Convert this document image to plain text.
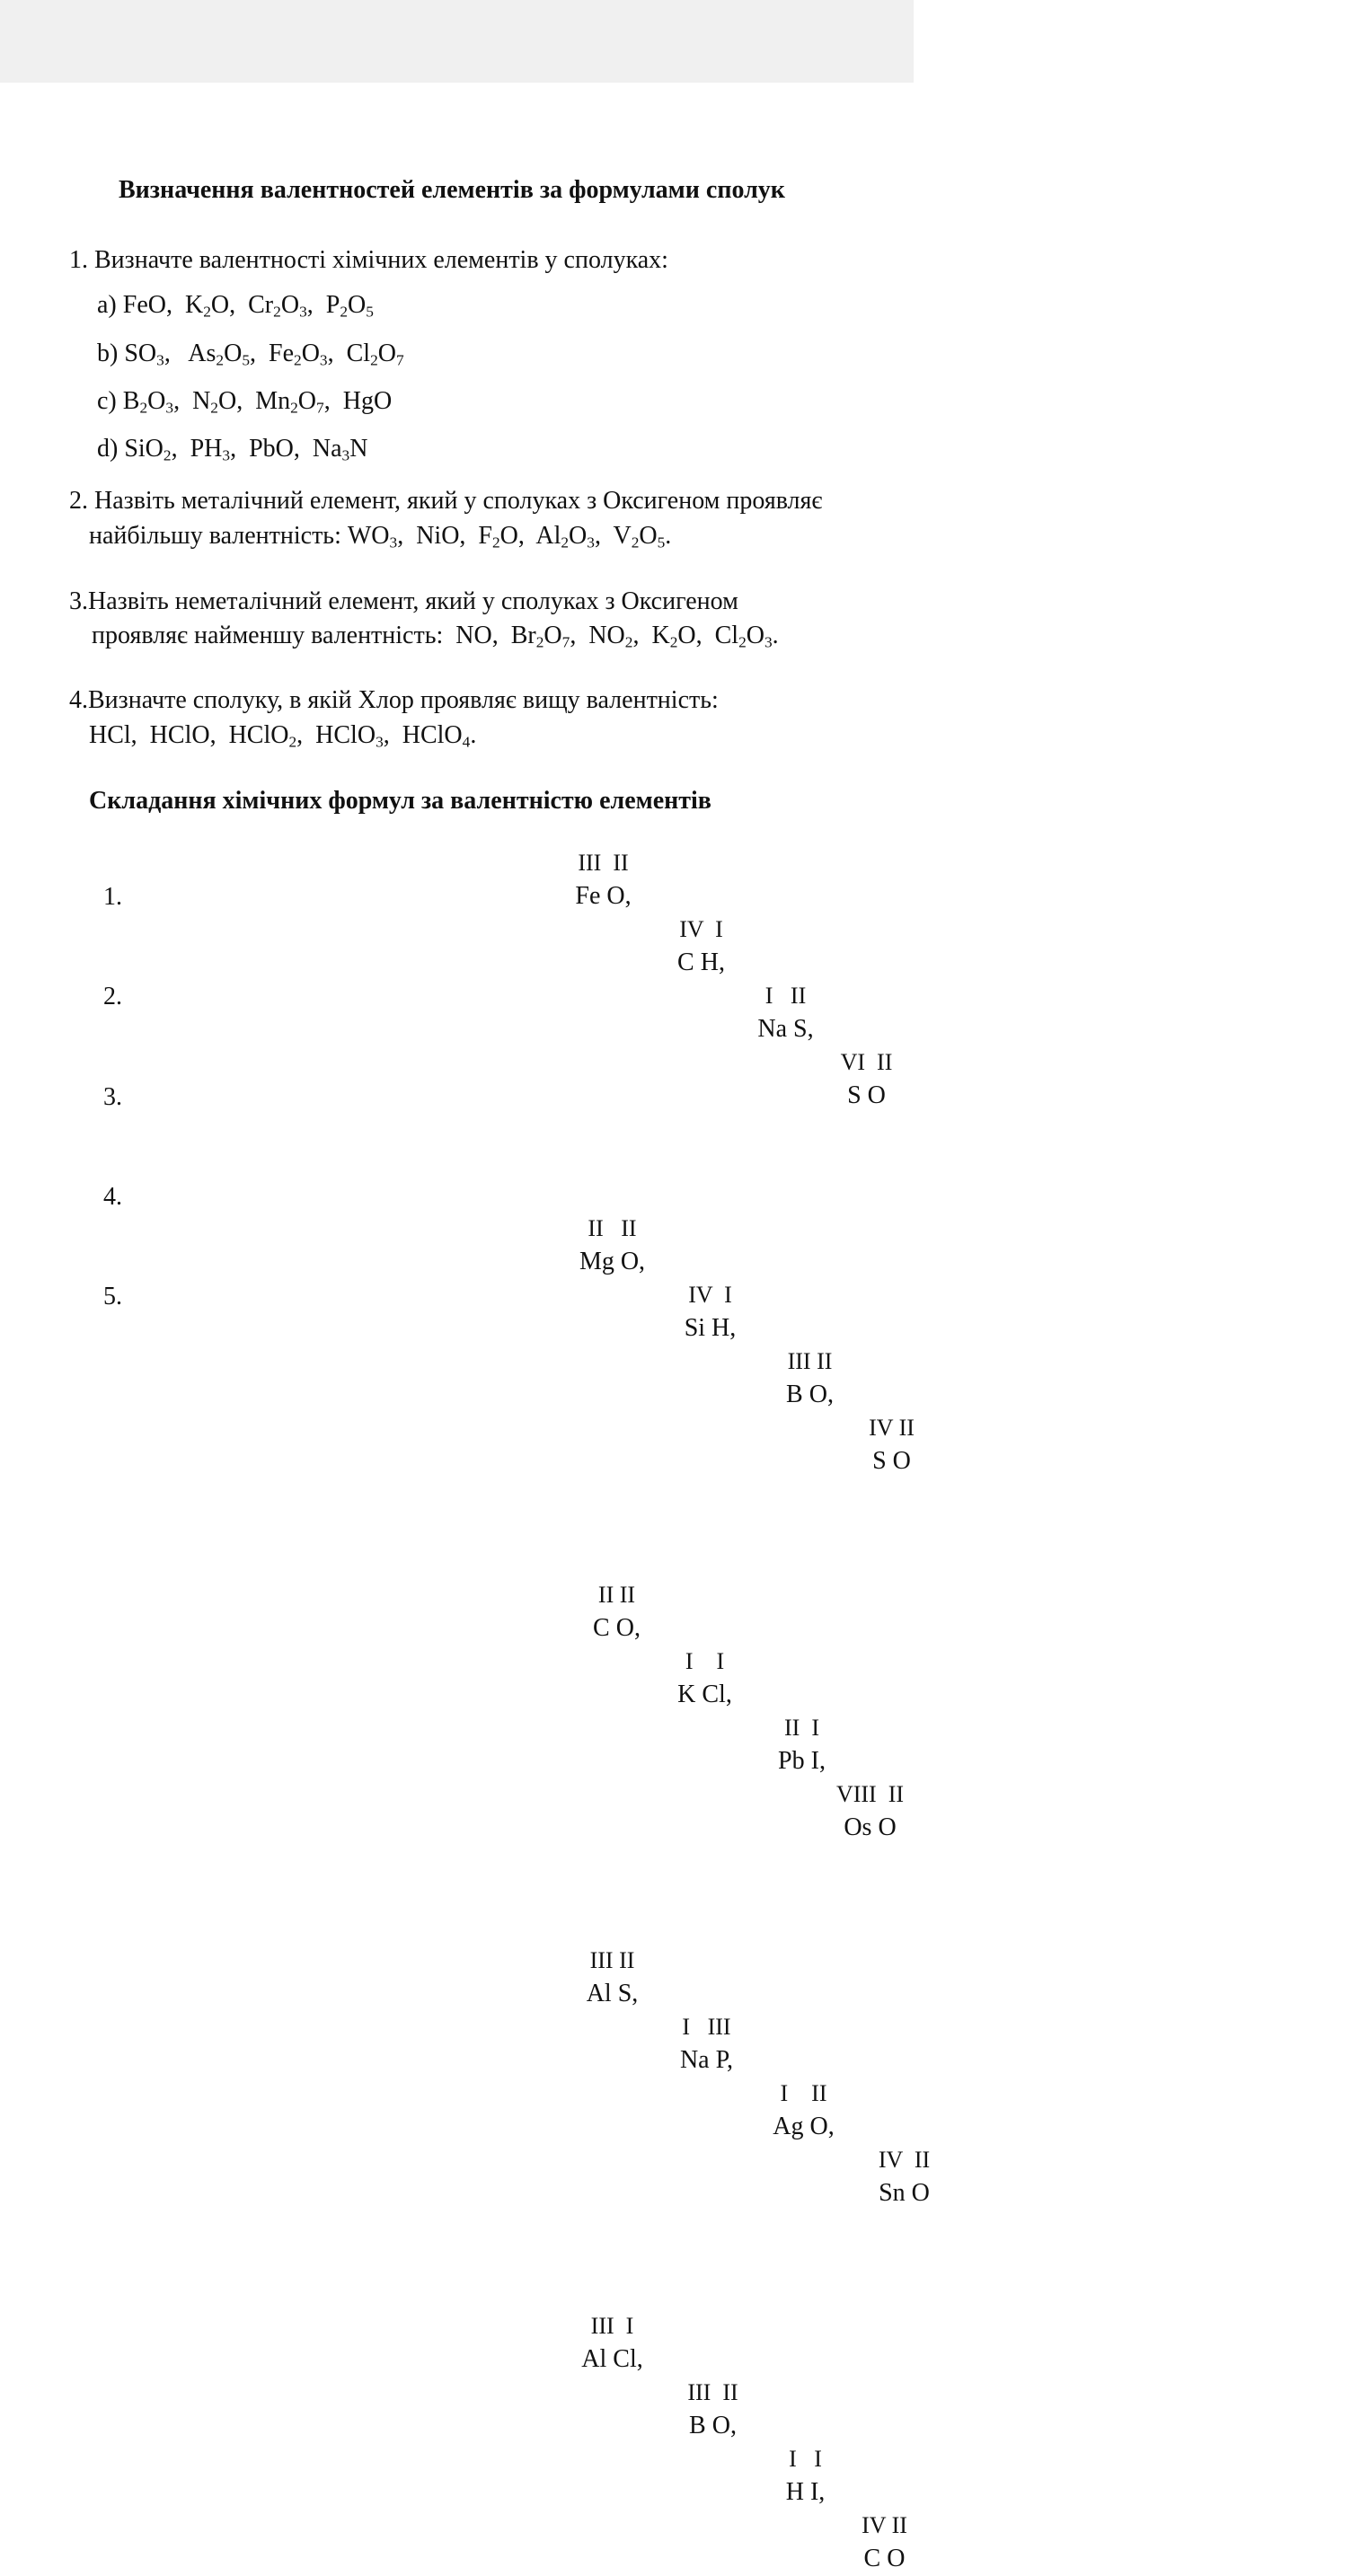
Визначення валентностей елементів за формулами сполук
1. Визначте валентності хімічних елементів у сполуках:
a) FeO,  $K_2O$,  $Cr_2O_3$,  $P_2O_5$
b) $SO_3$,   $As_2O_5$,  $Fe_2O_3$,  $Cl_2O_7$
c) $B_2O_3$,  $N_2O$,  $Mn_2O_7$,  HgO
d) SiO$_2$,  $PH_3$,  PbO,  $Na_3N$
2. Назвіть металічний елемент, який у сполуках з Оксигеном проявляє
найбільшу валентність: $WO_3$,  NiO,  $F_2O$,  $Al_2O_3$,  $V_2O_5$.
3.Назвіть неметалічний елемент, який у сполуках з Оксигеном
проявляє найменшу валентність:  NO,  $Br_2O_7$,  $NO_2$,  $K_2O$,  $Cl_2O_3$.
4.Визначте сполуку, в якій Хлор проявляє вищу валентність:
HCl,  HClO,  HClO$_2$,  HClO$_3$,  HClO$_4$.
Складання хімічних формул за валентністю елементів
1.
III  II
Fe O,
IV  I
C H,
I   II
Na S,
VI  II
S O
2.
II   II
Mg O,
IV  I
Si H,
III II
B O,
IV II
S O
3.
II II
C O,
I    I
K Cl,
II  I
Pb I,
VIII  II
Os O
4.
III II
Al S,
I   III
Na P,
I    II
Ag O,
IV  II
Sn O
5.
III  I
Al Cl,
III  II
B O,
I   I
H I,
IV II
C O
